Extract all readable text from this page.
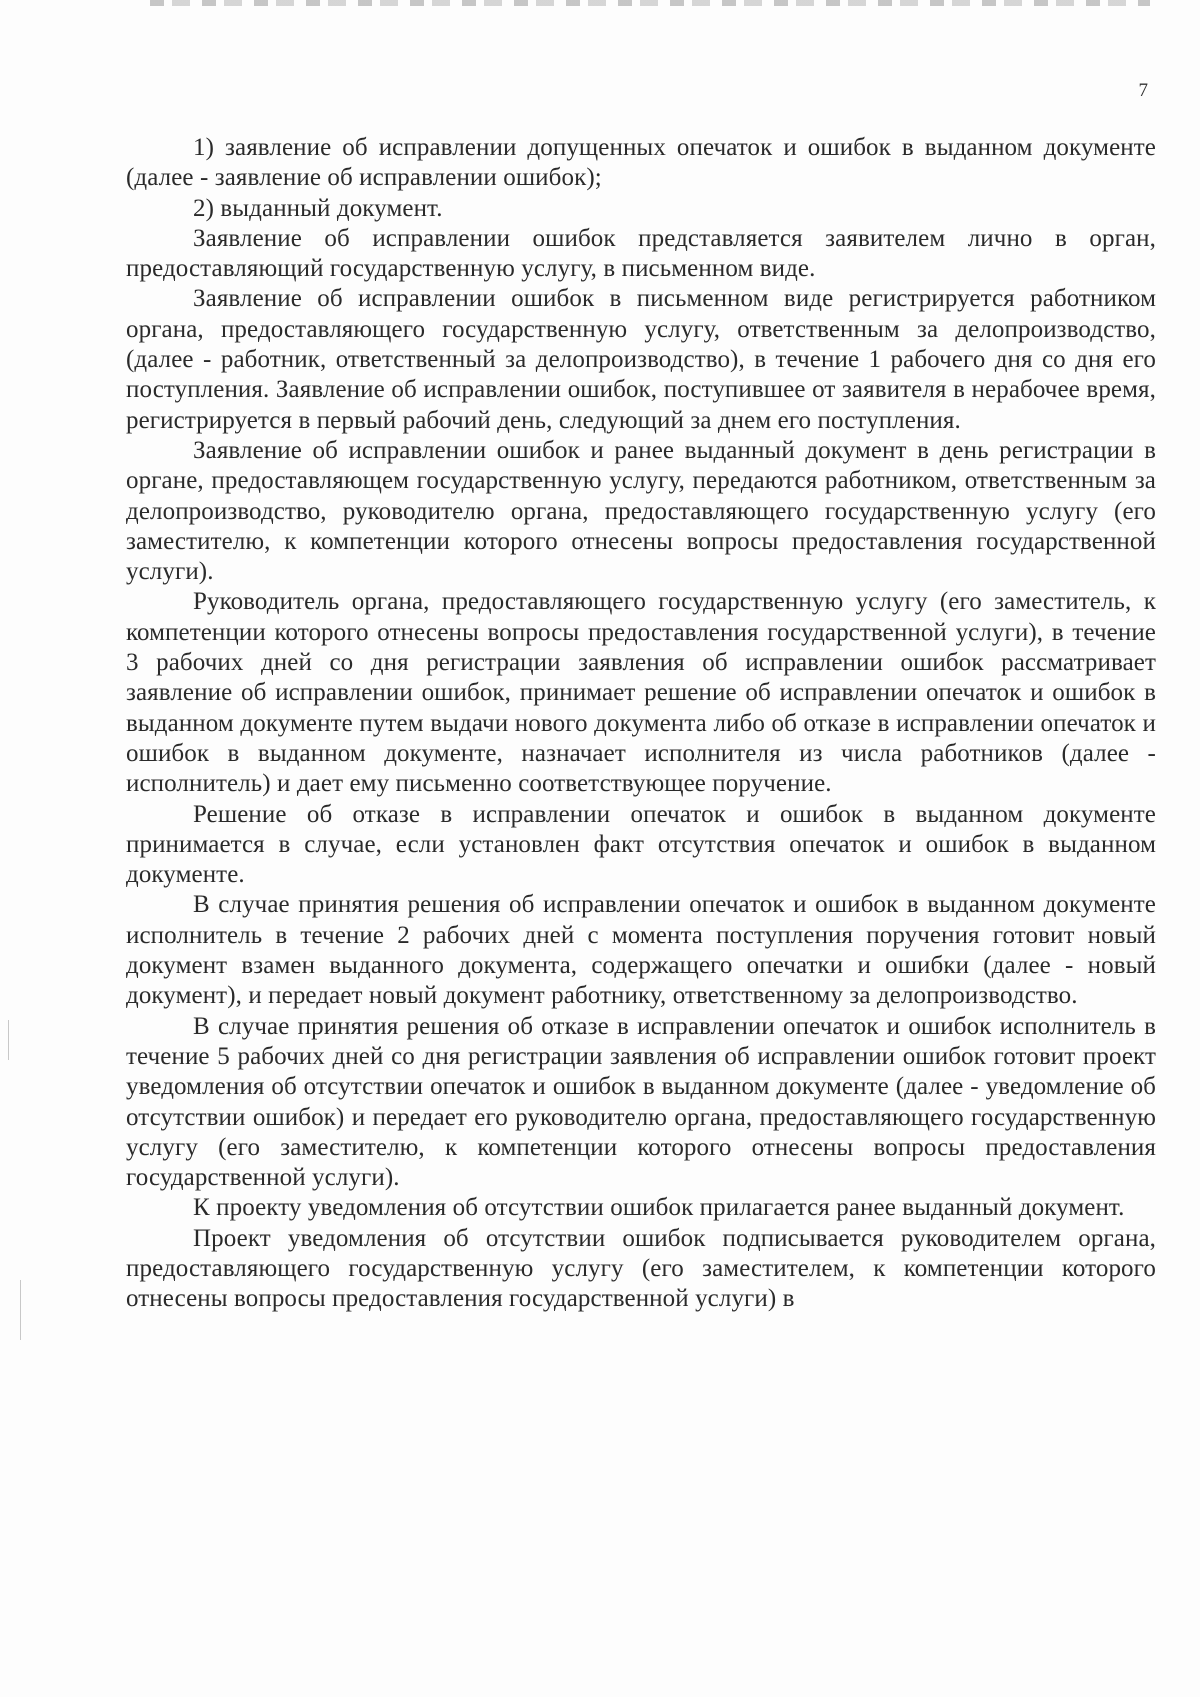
7

1) заявление об исправлении допущенных опечаток и ошибок в выданном документе (далее - заявление об исправлении ошибок);

2) выданный документ.

Заявление об исправлении ошибок представляется заявителем лично в орган, предоставляющий государственную услугу, в письменном виде.

Заявление об исправлении ошибок в письменном виде регистрируется работником органа, предоставляющего государственную услугу, ответственным за делопроизводство, (далее - работник, ответственный за делопроизводство), в течение 1 рабочего дня со дня его поступления. Заявление об исправлении ошибок, поступившее от заявителя в нерабочее время, регистрируется в первый рабочий день, следующий за днем его поступления.

Заявление об исправлении ошибок и ранее выданный документ в день регистрации в органе, предоставляющем государственную услугу, передаются работником, ответственным за делопроизводство, руководителю органа, предоставляющего государственную услугу (его заместителю, к компетенции которого отнесены вопросы предоставления государственной услуги).

Руководитель органа, предоставляющего государственную услугу (его заместитель, к компетенции которого отнесены вопросы предоставления государственной услуги), в течение 3 рабочих дней со дня регистрации заявления об исправлении ошибок рассматривает заявление об исправлении ошибок, принимает решение об исправлении опечаток и ошибок в выданном документе путем выдачи нового документа либо об отказе в исправлении опечаток и ошибок в выданном документе, назначает исполнителя из числа работников (далее - исполнитель) и дает ему письменно соответствующее поручение.

Решение об отказе в исправлении опечаток и ошибок в выданном документе принимается в случае, если установлен факт отсутствия опечаток и ошибок в выданном документе.

В случае принятия решения об исправлении опечаток и ошибок в выданном документе исполнитель в течение 2 рабочих дней с момента поступления поручения готовит новый документ взамен выданного документа, содержащего опечатки и ошибки (далее - новый документ), и передает новый документ работнику, ответственному за делопроизводство.

В случае принятия решения об отказе в исправлении опечаток и ошибок исполнитель в течение 5 рабочих дней со дня регистрации заявления об исправлении ошибок готовит проект уведомления об отсутствии опечаток и ошибок в выданном документе (далее - уведомление об отсутствии ошибок) и передает его руководителю органа, предоставляющего государственную услугу (его заместителю, к компетенции которого отнесены вопросы предоставления государственной услуги).

К проекту уведомления об отсутствии ошибок прилагается ранее выданный документ.

Проект уведомления об отсутствии ошибок подписывается руководителем органа, предоставляющего государственную услугу (его заместителем, к компетенции которого отнесены вопросы предоставления государственной услуги) в
